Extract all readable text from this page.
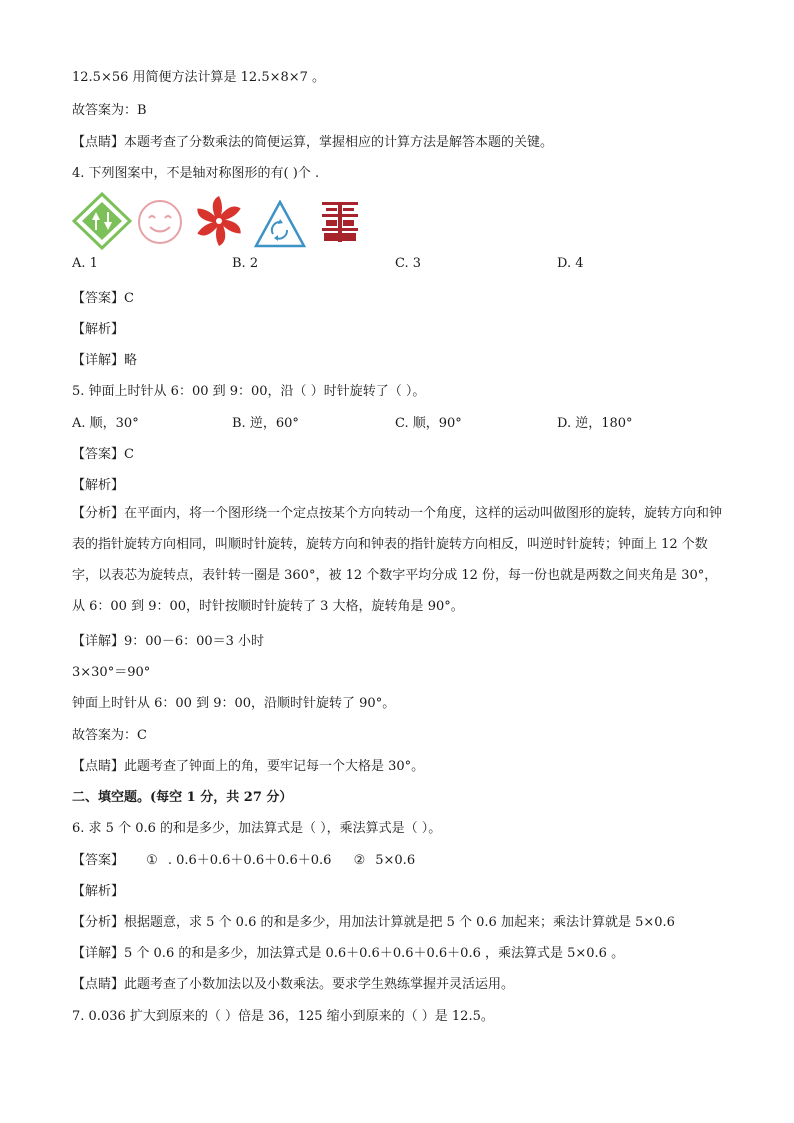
12.5×56 用简便方法计算是 12.5×8×7 。
故答案为：B
【点睛】本题考查了分数乘法的简便运算，掌握相应的计算方法是解答本题的关键。
4. 下列图案中，不是轴对称图形的有( )个 .
A. 1	B. 2	C. 3	D. 4
【答案】C
【解析】
【详解】略
5. 钟面上时针从 6：00 到 9：00，沿（ ）时针旋转了（ ）。
A. 顺，30°	B. 逆，60°	C. 顺，90°	D. 逆，180°
【答案】C
【解析】
【分析】在平面内，将一个图形绕一个定点按某个方向转动一个角度，这样的运动叫做图形的旋转，旋转方向和钟表的指针旋转方向相同，叫顺时针旋转，旋转方向和钟表的指针旋转方向相反，叫逆时针旋转；钟面上 12 个数字，以表芯为旋转点，表针转一圈是 360°，被 12 个数字平均分成 12 份，每一份也就是两数之间夹角是 30°，从 6：00 到 9：00，时针按顺时针旋转了 3 大格，旋转角是 90°。
【详解】9：00－6：00＝3 小时
3×30°＝90°
钟面上时针从 6：00 到 9：00，沿顺时针旋转了 90°。
故答案为：C
【点睛】此题考查了钟面上的角，要牢记每一个大格是 30°。
二、填空题。(每空 1 分，共 27 分）
6. 求 5 个 0.6 的和是多少，加法算式是（ ），乘法算式是（ ）。
【答案】 ① . 0.6＋0.6＋0.6＋0.6＋0.6 ② 5×0.6
【解析】
【分析】根据题意，求 5 个 0.6 的和是多少，用加法计算就是把 5 个 0.6 加起来；乘法计算就是 5×0.6
【详解】5 个 0.6 的和是多少，加法算式是 0.6＋0.6＋0.6＋0.6＋0.6 ，乘法算式是 5×0.6 。
【点睛】此题考查了小数加法以及小数乘法。要求学生熟练掌握并灵活运用。
7. 0.036 扩大到原来的（ ）倍是 36，125 缩小到原来的（ ）是 12.5。
